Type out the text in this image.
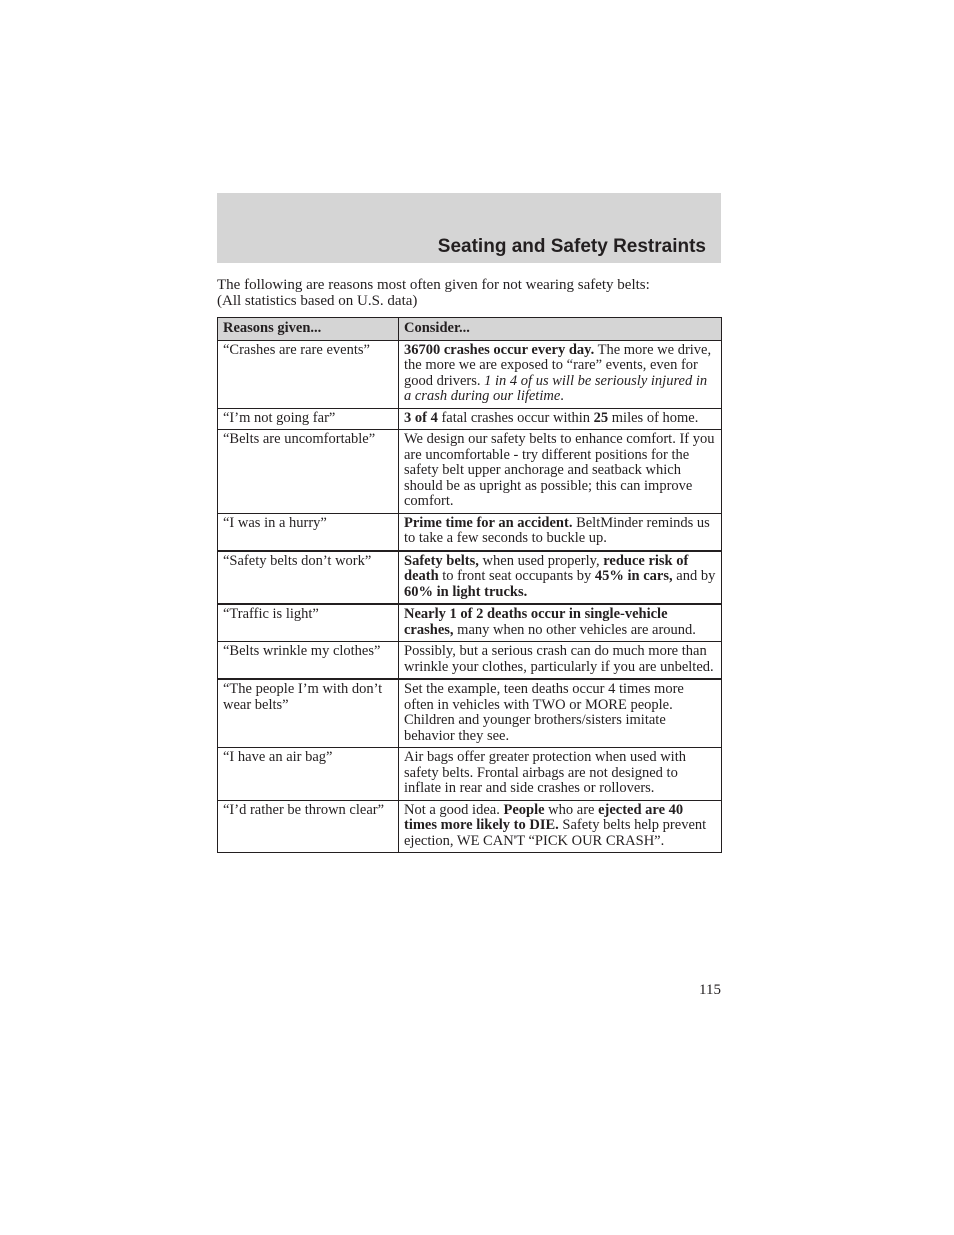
Seating and Safety Restraints
The following are reasons most often given for not wearing safety belts:
(All statistics based on U.S. data)
Reasons given...	Consider...
“Crashes are rare events”	36700 crashes occur every day. The more we drive, the more we are exposed to “rare” events, even for good drivers. 1 in 4 of us will be seriously injured in a crash during our lifetime.
“I’m not going far”	3 of 4 fatal crashes occur within 25 miles of home.
“Belts are uncomfortable”	We design our safety belts to enhance comfort. If you are uncomfortable - try different positions for the safety belt upper anchorage and seatback which should be as upright as possible; this can improve comfort.
“I was in a hurry”	Prime time for an accident. BeltMinder reminds us to take a few seconds to buckle up.
“Safety belts don’t work”	Safety belts, when used properly, reduce risk of death to front seat occupants by 45% in cars, and by 60% in light trucks.
“Traffic is light”	Nearly 1 of 2 deaths occur in single-vehicle crashes, many when no other vehicles are around.
“Belts wrinkle my clothes”	Possibly, but a serious crash can do much more than wrinkle your clothes, particularly if you are unbelted.
“The people I’m with don’t wear belts”	Set the example, teen deaths occur 4 times more often in vehicles with TWO or MORE people. Children and younger brothers/sisters imitate behavior they see.
“I have an air bag”	Air bags offer greater protection when used with safety belts. Frontal airbags are not designed to inflate in rear and side crashes or rollovers.
“I’d rather be thrown clear”	Not a good idea. People who are ejected are 40 times more likely to DIE. Safety belts help prevent ejection, WE CAN'T “PICK OUR CRASH”.
115
